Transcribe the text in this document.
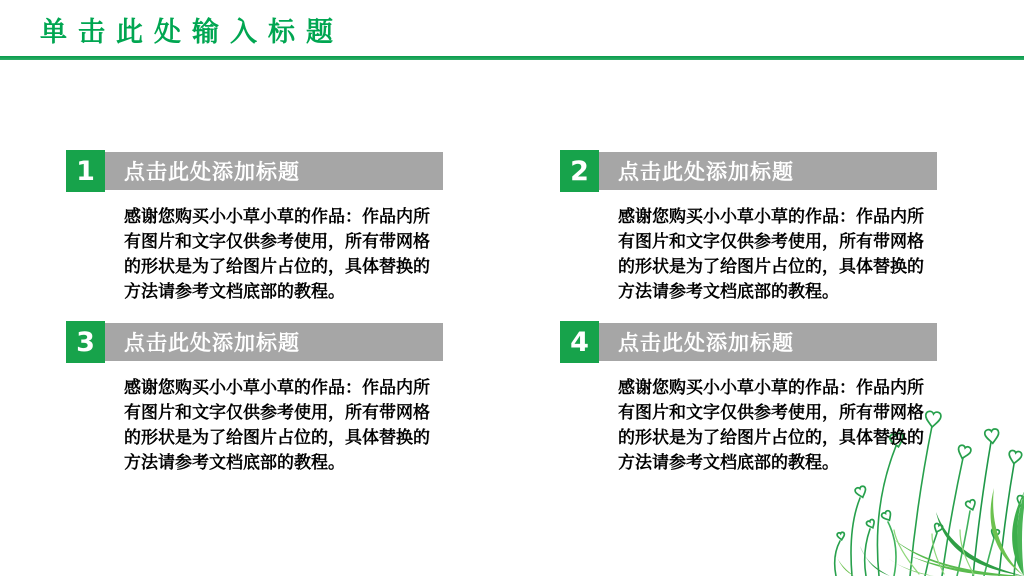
单击此处输入标题
1	点击此处添加标题
感谢您购买小小草小草的作品：作品内所
有图片和文字仅供参考使用，所有带网格
的形状是为了给图片占位的，具体替换的
方法请参考文档底部的教程。
2	点击此处添加标题
感谢您购买小小草小草的作品：作品内所
有图片和文字仅供参考使用，所有带网格
的形状是为了给图片占位的，具体替换的
方法请参考文档底部的教程。
3	点击此处添加标题
感谢您购买小小草小草的作品：作品内所
有图片和文字仅供参考使用，所有带网格
的形状是为了给图片占位的，具体替换的
方法请参考文档底部的教程。
4	点击此处添加标题
感谢您购买小小草小草的作品：作品内所
有图片和文字仅供参考使用，所有带网格
的形状是为了给图片占位的，具体替换的
方法请参考文档底部的教程。
